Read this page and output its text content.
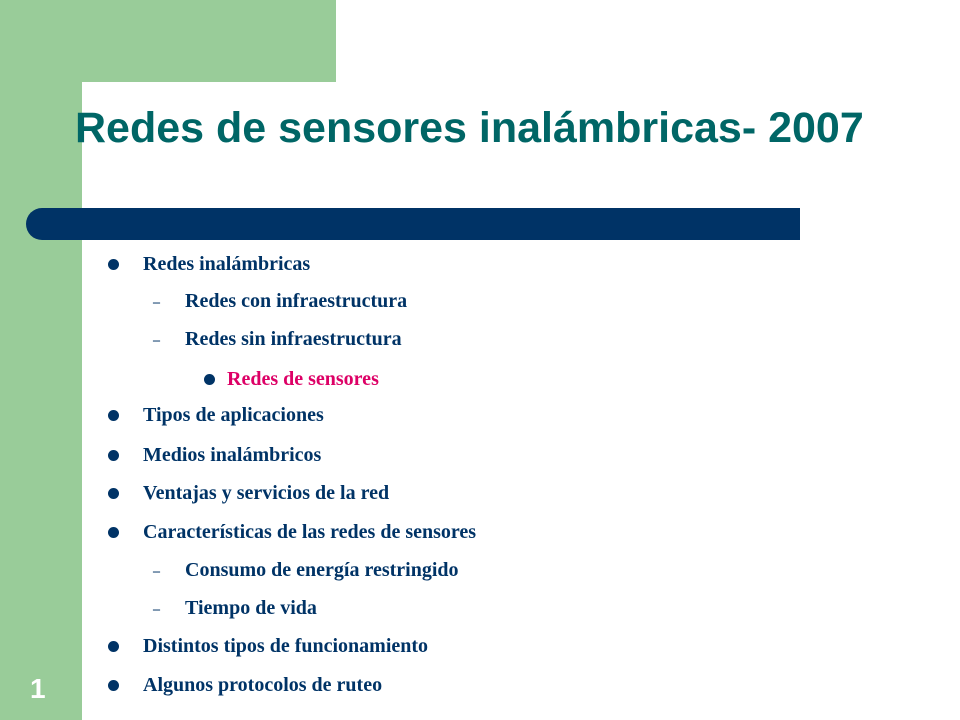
Redes de sensores inalámbricas- 2007
Redes inalámbricas
– Redes con infraestructura
– Redes sin infraestructura
Redes de sensores
Tipos de aplicaciones
Medios inalámbricos
Ventajas y servicios de la red
Características de las redes de sensores
– Consumo de energía restringido
– Tiempo de vida
Distintos tipos de funcionamiento
Algunos protocolos de ruteo
1
